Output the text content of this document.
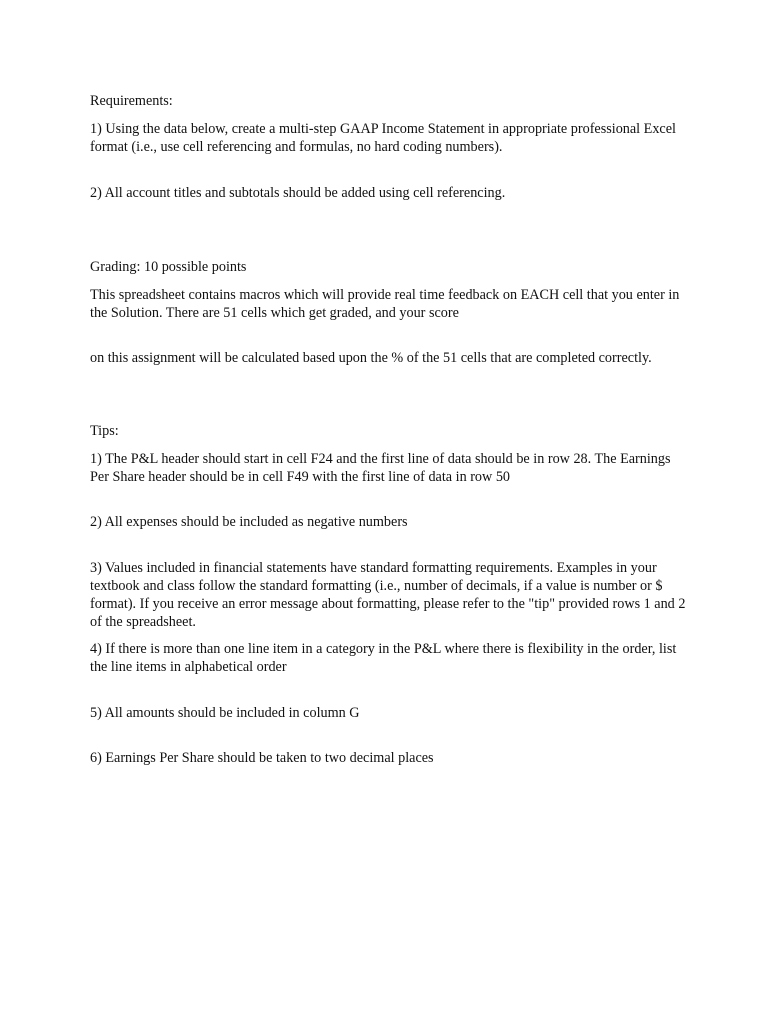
Requirements:

1) Using the data below, create a multi-step GAAP Income Statement in appropriate professional Excel format (i.e., use cell referencing and formulas, no hard coding numbers).

2) All account titles and subtotals should be added using cell referencing.

Grading: 10 possible points

This spreadsheet contains macros which will provide real time feedback on EACH cell that you enter in the Solution. There are 51 cells which get graded, and your score

on this assignment will be calculated based upon the % of the 51 cells that are completed correctly.

Tips:

1) The P&L header should start in cell F24 and the first line of data should be in row 28. The Earnings Per Share header should be in cell F49 with the first line of data in row 50

2) All expenses should be included as negative numbers

3) Values included in financial statements have standard formatting requirements. Examples in your textbook and class follow the standard formatting (i.e., number of decimals, if a value is number or $ format). If you receive an error message about formatting, please refer to the "tip" provided rows 1 and 2 of the spreadsheet.

4) If there is more than one line item in a category in the P&L where there is flexibility in the order, list the line items in alphabetical order

5) All amounts should be included in column G

6) Earnings Per Share should be taken to two decimal places
